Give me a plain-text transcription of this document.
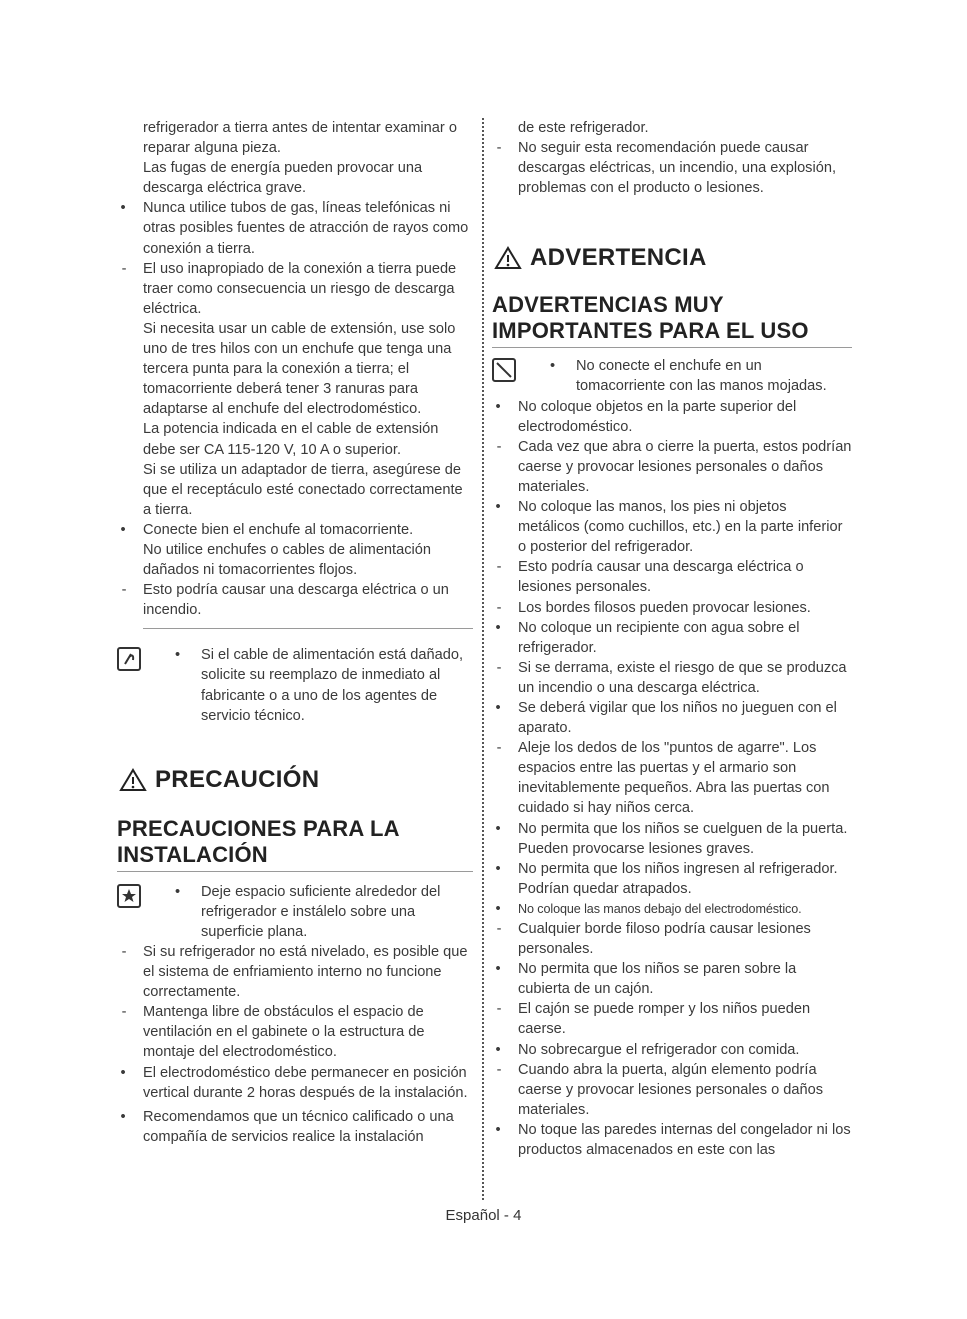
refrigerador a tierra antes de intentar examinar o reparar alguna pieza.

Las fugas de energía pueden provocar una descarga eléctrica grave.

• Nunca utilice tubos de gas, líneas telefónicas ni otras posibles fuentes de atracción de rayos como conexión a tierra.

- El uso inapropiado de la conexión a tierra puede traer como consecuencia un riesgo de descarga eléctrica.

Si necesita usar un cable de extensión, use solo uno de tres hilos con un enchufe que tenga una tercera punta para la conexión a tierra; el tomacorriente deberá tener 3 ranuras para adaptarse al enchufe del electrodoméstico.

La potencia indicada en el cable de extensión debe ser CA 115-120 V, 10 A o superior.

Si se utiliza un adaptador de tierra, asegúrese de que el receptáculo esté conectado correctamente a tierra.

• Conecte bien el enchufe al tomacorriente.

No utilice enchufes o cables de alimentación dañados ni tomacorrientes flojos.

- Esto podría causar una descarga eléctrica o un incendio.

• Si el cable de alimentación está dañado, solicite su reemplazo de inmediato al fabricante o a uno de los agentes de servicio técnico.

PRECAUCIÓN
PRECAUCIONES PARA LA INSTALACIÓN
• Deje espacio suficiente alrededor del refrigerador e instálelo sobre una superficie plana.

- Si su refrigerador no está nivelado, es posible que el sistema de enfriamiento interno no funcione correctamente.

- Mantenga libre de obstáculos el espacio de ventilación en el gabinete o la estructura de montaje del electrodoméstico.

• El electrodoméstico debe permanecer en posición vertical durante 2 horas después de la instalación.

• Recomendamos que un técnico calificado o una compañía de servicios realice la instalación

de este refrigerador.

- No seguir esta recomendación puede causar descargas eléctricas, un incendio, una explosión, problemas con el producto o lesiones.

ADVERTENCIA
ADVERTENCIAS MUY IMPORTANTES PARA EL USO
• No conecte el enchufe en un tomacorriente con las manos mojadas.

• No coloque objetos en la parte superior del electrodoméstico.

- Cada vez que abra o cierre la puerta, estos podrían caerse y provocar lesiones personales o daños materiales.

• No coloque las manos, los pies ni objetos metálicos (como cuchillos, etc.) en la parte inferior o posterior del refrigerador.

- Esto podría causar una descarga eléctrica o lesiones personales.

- Los bordes filosos pueden provocar lesiones.

• No coloque un recipiente con agua sobre el refrigerador.

- Si se derrama, existe el riesgo de que se produzca un incendio o una descarga eléctrica.

• Se deberá vigilar que los niños no jueguen con el aparato.

- Aleje los dedos de los "puntos de agarre". Los espacios entre las puertas y el armario son inevitablemente pequeños. Abra las puertas con cuidado si hay niños cerca.

• No permita que los niños se cuelguen de la puerta. Pueden provocarse lesiones graves.

• No permita que los niños ingresen al refrigerador. Podrían quedar atrapados.

• No coloque las manos debajo del electrodoméstico.

- Cualquier borde filoso podría causar lesiones personales.

• No permita que los niños se paren sobre la cubierta de un cajón.

- El cajón se puede romper y los niños pueden caerse.

• No sobrecargue el refrigerador con comida.

- Cuando abra la puerta, algún elemento podría caerse y provocar lesiones personales o daños materiales.

• No toque las paredes internas del congelador ni los productos almacenados en este con las

Español - 4
